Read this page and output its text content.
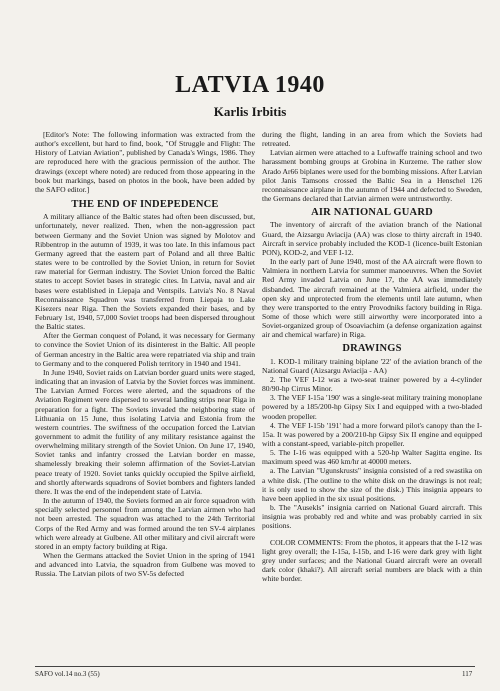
LATVIA 1940
Karlis Irbitis

[Editor's Note: The following information was extracted from the author's excellent, but hard to find, book, "Of Struggle and Flight: The History of Latvian Aviation", published by Canada's Wings, 1986. They are reproduced here with the gracious permission of the author. The drawings (except where noted) are reduced from those appearing in the book but markings, based on photos in the book, have been added by the SAFO editor.]

THE END OF INDEPEDENCE

A military alliance of the Baltic states had often been discussed, but, unfortunately, never realized. Then, when the non-aggression pact between Germany and the Soviet Union was signed by Molotov and Ribbentrop in the autumn of 1939, it was too late. In this infamous pact Germany agreed that the eastern part of Poland and all three Baltic states were to be controlled by the Soviet Union, in return for Soviet raw material for German industry. The Soviet Union forced the Baltic states to accept Soviet bases in strategic cites. In Latvia, naval and air bases were established in Liepaja and Ventspils. Latvia's No. 8 Naval Reconnaissance Squadron was transferred from Liepaja to Lake Kisezers near Riga. Then the Soviets expanded their bases, and by February 1st, 1940, 57,000 Soviet troops had been dispersed throughout the Baltic states.

After the German conquest of Poland, it was necessary for Germany to convince the Soviet Union of its disinterest in the Baltic. All people of German ancestry in the Baltic area were repatriated via ship and train to Germany and to the conquered Polish territory in 1940 and 1941.

In June 1940, Soviet raids on Latvian border guard units were staged, indicating that an invasion of Latvia by the Soviet forces was imminent. The Latvian Armed Forces were alerted, and the squadrons of the Aviation Regiment were dispersed to several landing strips near Riga in preparation for a fight. The Soviets invaded the neighboring state of Lithuania on 15 June, thus isolating Latvia and Estonia from the western countries. The swiftness of the occupation forced the Latvian government to admit the futility of any military resistance against the overwhelming military strength of the Soviet Union. On June 17, 1940, Soviet tanks and infantry crossed the Latvian border en masse, shamelessly breaking their solemn affirmation of the Soviet-Latvian peace treaty of 1920. Soviet tanks quickly occupied the Spilve airfield, and shortly afterwards squadrons of Soviet bombers and fighters landed there. It was the end of the independent state of Latvia.

In the autumn of 1940, the Soviets formed an air force squadron with specially selected personnel from among the Latvian airmen who had not been arrested. The squadron was attached to the 24th Territorial Corps of the Red Army and was formed around the ten SV-4 airplanes which were already at Gulbene. All other military and civil aircraft were stored in an empty factory building at Riga.

When the Germans attacked the Soviet Union in the spring of 1941 and advanced into Latvia, the squadron from Gulbene was moved to Russia. The Latvian pilots of two SV-5s defected

during the flight, landing in an area from which the Soviets had retreated.

Latvian airmen were attached to a Luftwaffe training school and two harassment bombing groups at Grobina in Kurzeme. The rather slow Arado Ar66 biplanes were used for the bombing missions. After Latvian pilot Janis Tamsons crossed the Baltic Sea in a Henschel 126 reconnaissance airplane in the autumn of 1944 and defected to Sweden, the Germans declared that Latvian airmen were untrustworthy.

AIR NATIONAL GUARD

The inventory of aircraft of the aviation branch of the National Guard, the Aizsargu Aviacija (AA) was close to thirty aircraft in 1940. Aircraft in service probably included the KOD-1 (licence-built Estonian PON), KOD-2, and VEF I-12.

In the early part of June 1940, most of the AA aircraft were flown to Valmiera in northern Latvia for summer manoeuvres. When the Soviet Red Army invaded Latvia on June 17, the AA was immediately disbanded. The aircraft remained at the Valmiera airfield, under the open sky and unprotected from the elements until late autumn, when they were transported to the entry Provodniks factory building in Riga. Some of those which were still airworthy were incorporated into a Soviet-organized group of Osoaviachim (a defense organization against air and chemical warfare) in Riga.

DRAWINGS

1. KOD-1 military training biplane '22' of the aviation branch of the National Guard (Aizsargu Aviacija - AA)

2. The VEF I-12 was a two-seat trainer powered by a 4-cylinder 80/90-hp Cirrus Minor.

3. The VEF I-15a '190' was a single-seat military training monoplane powered by a 185/200-hp Gipsy Six I and equipped with a two-bladed wooden propeller.

4. The VEF I-15b '191' had a more forward pilot's canopy than the I-15a. It was powered by a 200/210-hp Gipsy Six II engine and equipped with a constant-speed, variable-pitch propeller.

5. The I-16 was equipped with a 520-hp Walter Sagitta engine. Its maximum speed was 460 km/hr at 40000 meters.

a. The Latvian "Ugunskrusts" insignia consisted of a red swastika on a white disk. (The outline to the white disk on the drawings is not real; it is only used to show the size of the disk.) This insignia appears to have been applied in the six usual positions.

b. The "Ausekls" insignia carried on National Guard aircraft. This insignia was probably red and white and was probably carried in six positions.

COLOR COMMENTS: From the photos, it appears that the I-12 was light grey overall; the I-15a, I-15b, and I-16 were dark grey with light grey under surfaces; and the National Guard aircraft were an overall dark color (khaki?). All aircraft serial numbers are black with a thin white border.

SAFO vol.14 no.3 (55)	117
